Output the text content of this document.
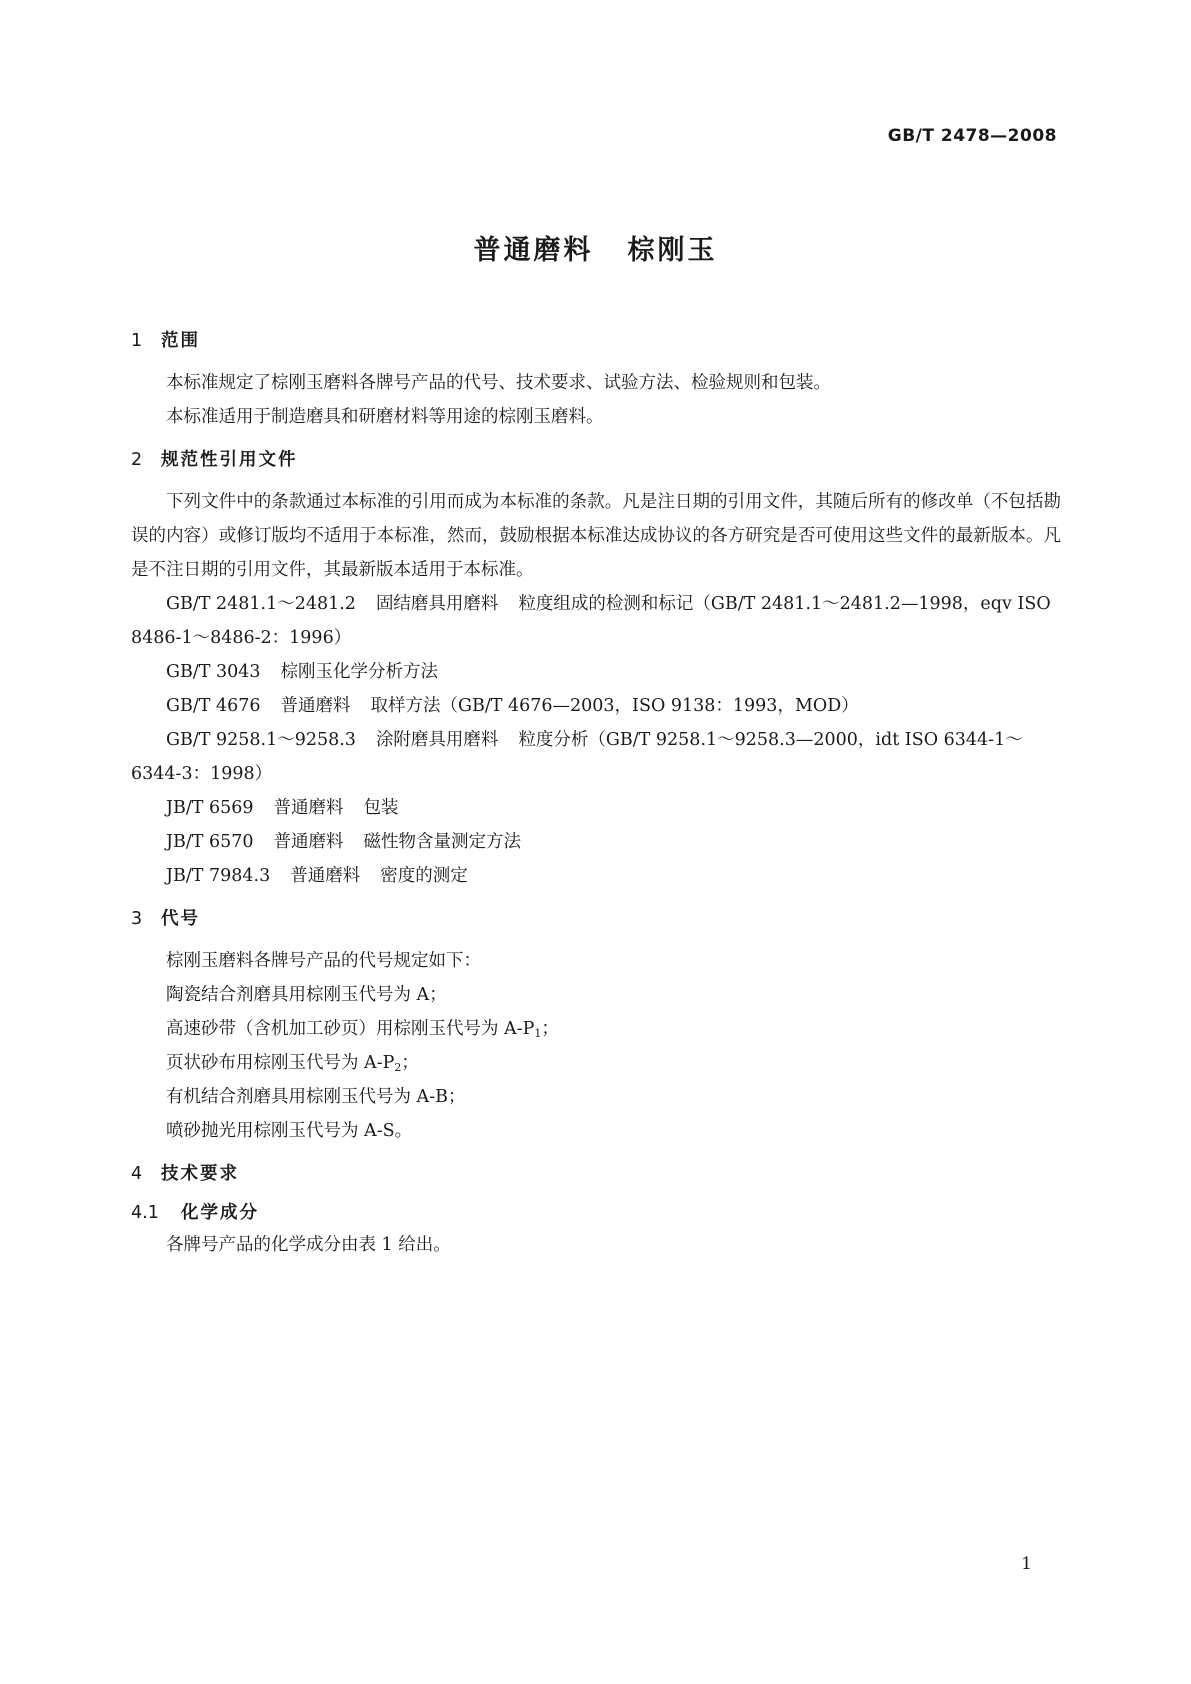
GB/T 2478—2008
普通磨料 棕刚玉
1 范围

本标准规定了棕刚玉磨料各牌号产品的代号、技术要求、试验方法、检验规则和包装。

本标准适用于制造磨具和研磨材料等用途的棕刚玉磨料。

2 规范性引用文件

下列文件中的条款通过本标准的引用而成为本标准的条款。凡是注日期的引用文件，其随后所有的修改单（不包括勘误的内容）或修订版均不适用于本标准，然而，鼓励根据本标准达成协议的各方研究是否可使用这些文件的最新版本。凡是不注日期的引用文件，其最新版本适用于本标准。

GB/T 2481.1～2481.2 固结磨具用磨料 粒度组成的检测和标记（GB/T 2481.1～2481.2—1998，eqv ISO 8486-1～8486-2：1996）
GB/T 3043 棕刚玉化学分析方法
GB/T 4676 普通磨料 取样方法（GB/T 4676—2003，ISO 9138：1993，MOD）
GB/T 9258.1～9258.3 涂附磨具用磨料 粒度分析（GB/T 9258.1～9258.3—2000，idt ISO 6344-1～6344-3：1998）
JB/T 6569 普通磨料 包装
JB/T 6570 普通磨料 磁性物含量测定方法
JB/T 7984.3 普通磨料 密度的测定
3 代号

棕刚玉磨料各牌号产品的代号规定如下：

陶瓷结合剂磨具用棕刚玉代号为 A；

高速砂带（含机加工砂页）用棕刚玉代号为 $A-P_1$；

页状砂布用棕刚玉代号为 $A-P_2$；

有机结合剂磨具用棕刚玉代号为 A-B；

喷砂抛光用棕刚玉代号为 A-S。

4 技术要求
4.1 化学成分

各牌号产品的化学成分由表 1 给出。

1
